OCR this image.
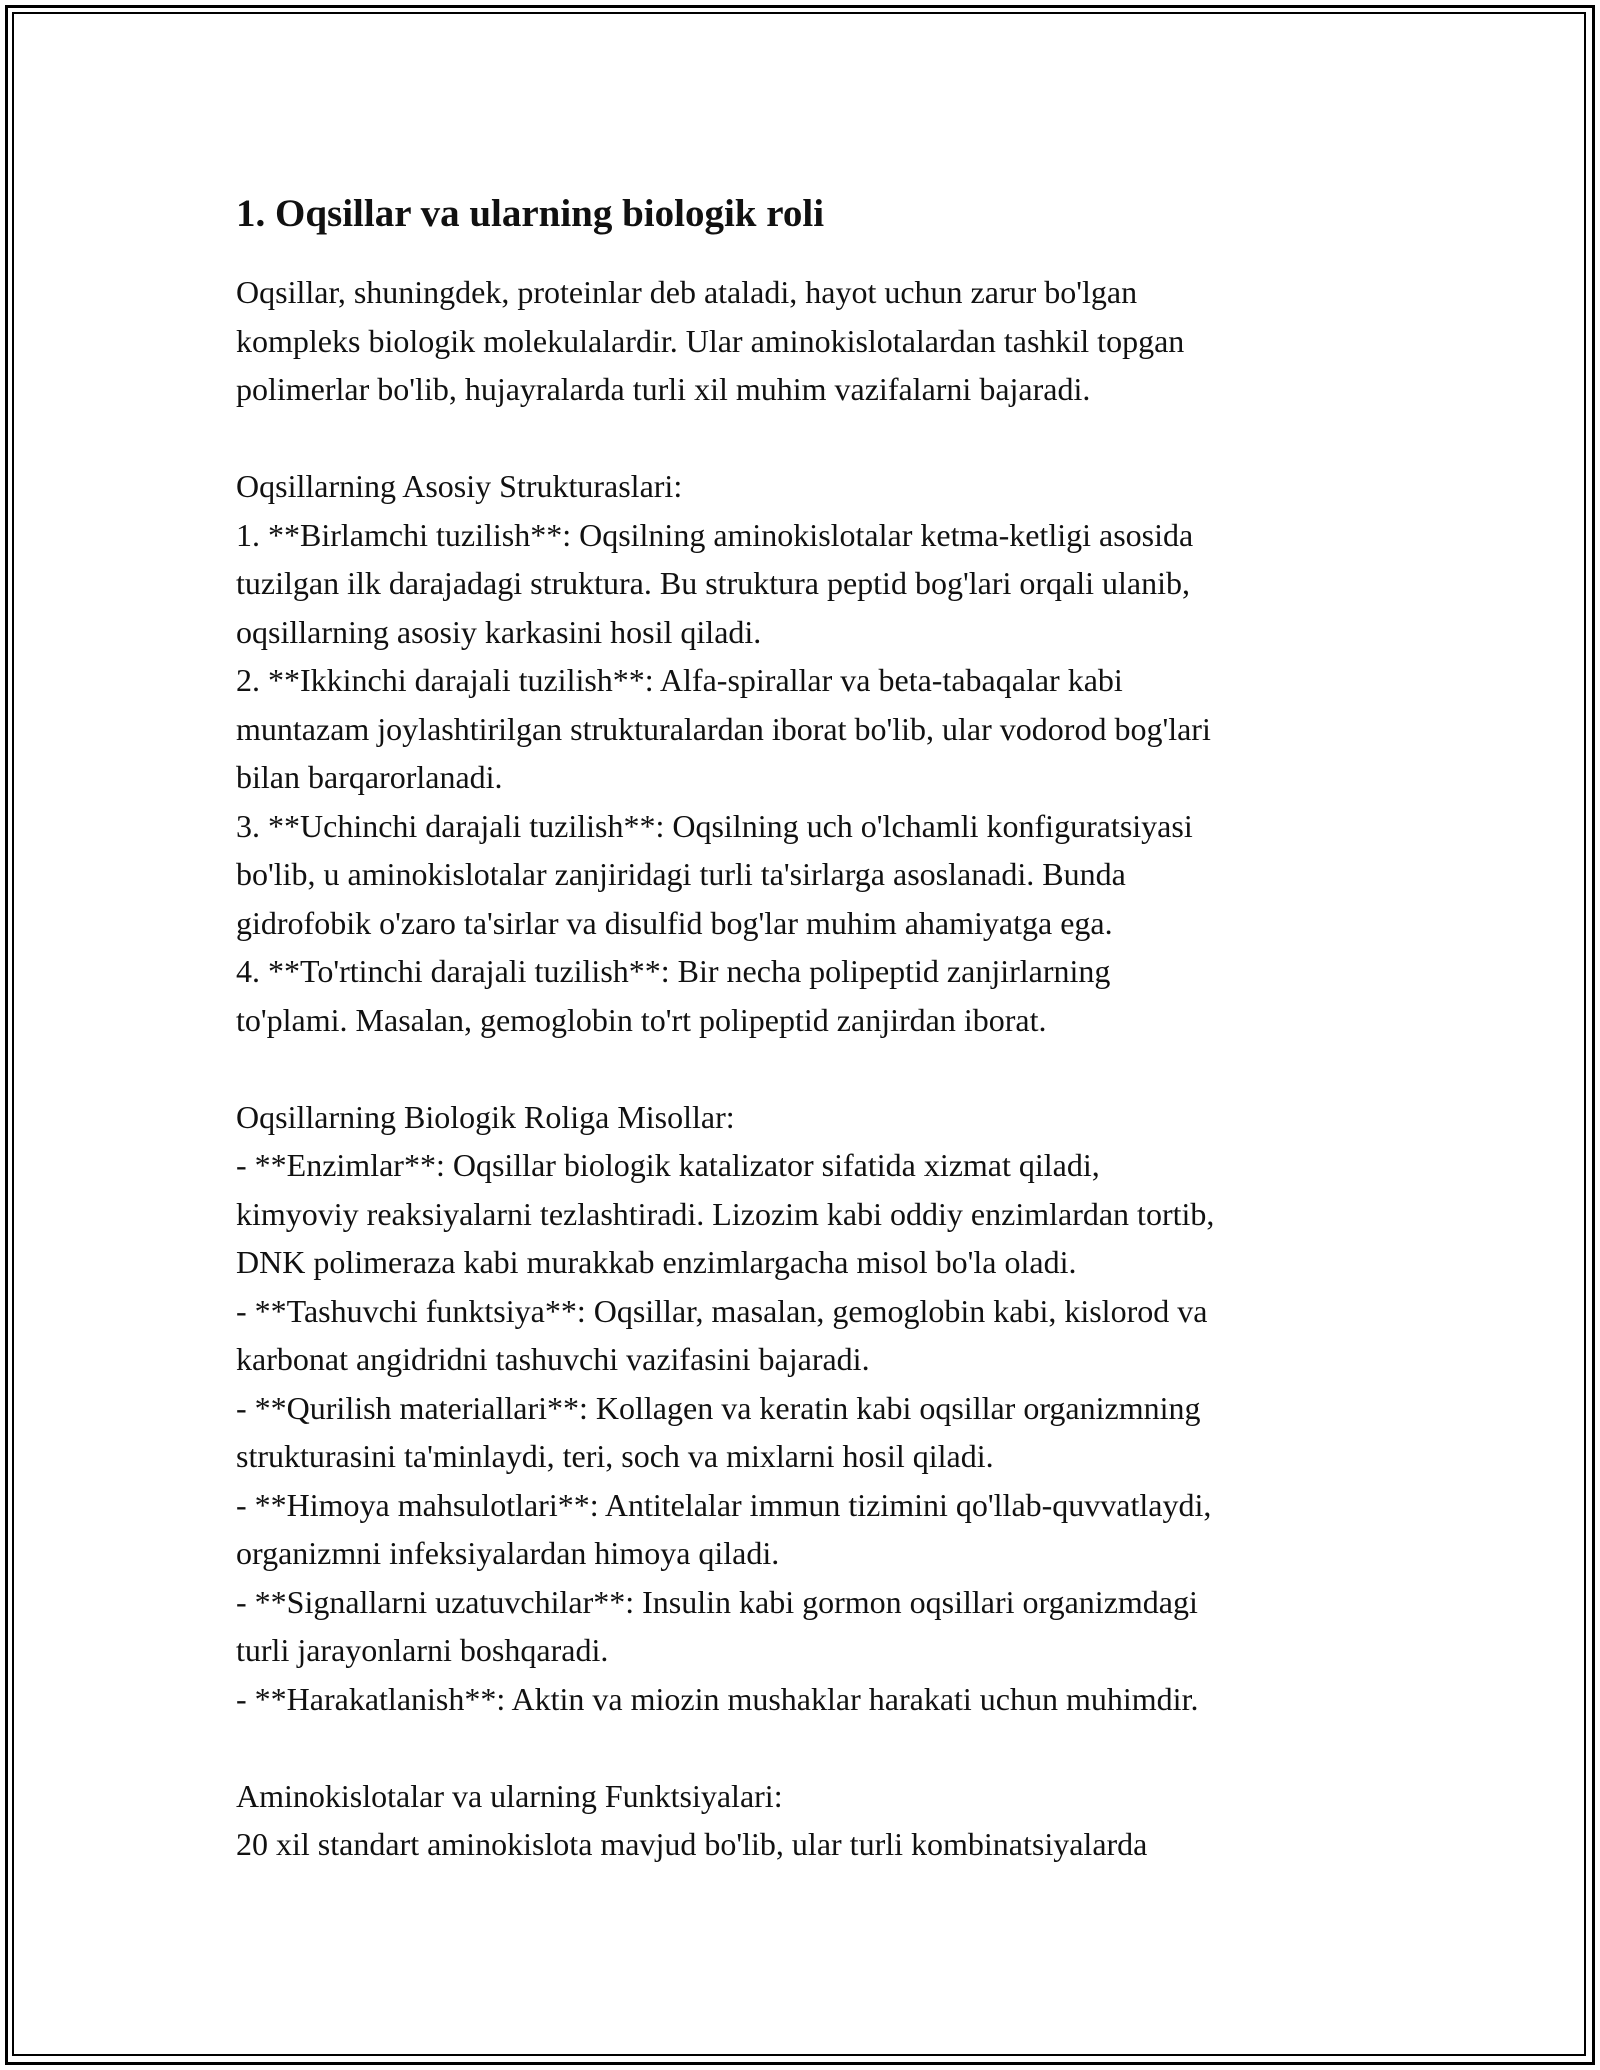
1. Oqsillar va ularning biologik roli
Oqsillar, shuningdek, proteinlar deb ataladi, hayot uchun zarur bo'lgan
kompleks biologik molekulalardir. Ular aminokislotalardan tashkil topgan
polimerlar bo'lib, hujayralarda turli xil muhim vazifalarni bajaradi.
Oqsillarning Asosiy Strukturaslari:
1. **Birlamchi tuzilish**: Oqsilning aminokislotalar ketma-ketligi asosida
tuzilgan ilk darajadagi struktura. Bu struktura peptid bog'lari orqali ulanib,
oqsillarning asosiy karkasini hosil qiladi.
2. **Ikkinchi darajali tuzilish**: Alfa-spirallar va beta-tabaqalar kabi
muntazam joylashtirilgan strukturalardan iborat bo'lib, ular vodorod bog'lari
bilan barqarorlanadi.
3. **Uchinchi darajali tuzilish**: Oqsilning uch o'lchamli konfiguratsiyasi
bo'lib, u aminokislotalar zanjiridagi turli ta'sirlarga asoslanadi. Bunda
gidrofobik o'zaro ta'sirlar va disulfid bog'lar muhim ahamiyatga ega.
4. **To'rtinchi darajali tuzilish**: Bir necha polipeptid zanjirlarning
to'plami. Masalan, gemoglobin to'rt polipeptid zanjirdan iborat.
Oqsillarning Biologik Roliga Misollar:
- **Enzimlar**: Oqsillar biologik katalizator sifatida xizmat qiladi,
kimyoviy reaksiyalarni tezlashtiradi. Lizozim kabi oddiy enzimlardan tortib,
DNK polimeraza kabi murakkab enzimlargacha misol bo'la oladi.
- **Tashuvchi funktsiya**: Oqsillar, masalan, gemoglobin kabi, kislorod va
karbonat angidridni tashuvchi vazifasini bajaradi.
- **Qurilish materiallari**: Kollagen va keratin kabi oqsillar organizmning
strukturasini ta'minlaydi, teri, soch va mixlarni hosil qiladi.
- **Himoya mahsulotlari**: Antitelalar immun tizimini qo'llab-quvvatlaydi,
organizmni infeksiyalardan himoya qiladi.
- **Signallarni uzatuvchilar**: Insulin kabi gormon oqsillari organizmdagi
turli jarayonlarni boshqaradi.
- **Harakatlanish**: Aktin va miozin mushaklar harakati uchun muhimdir.
Aminokislotalar va ularning Funktsiyalari:
20 xil standart aminokislota mavjud bo'lib, ular turli kombinatsiyalarda
